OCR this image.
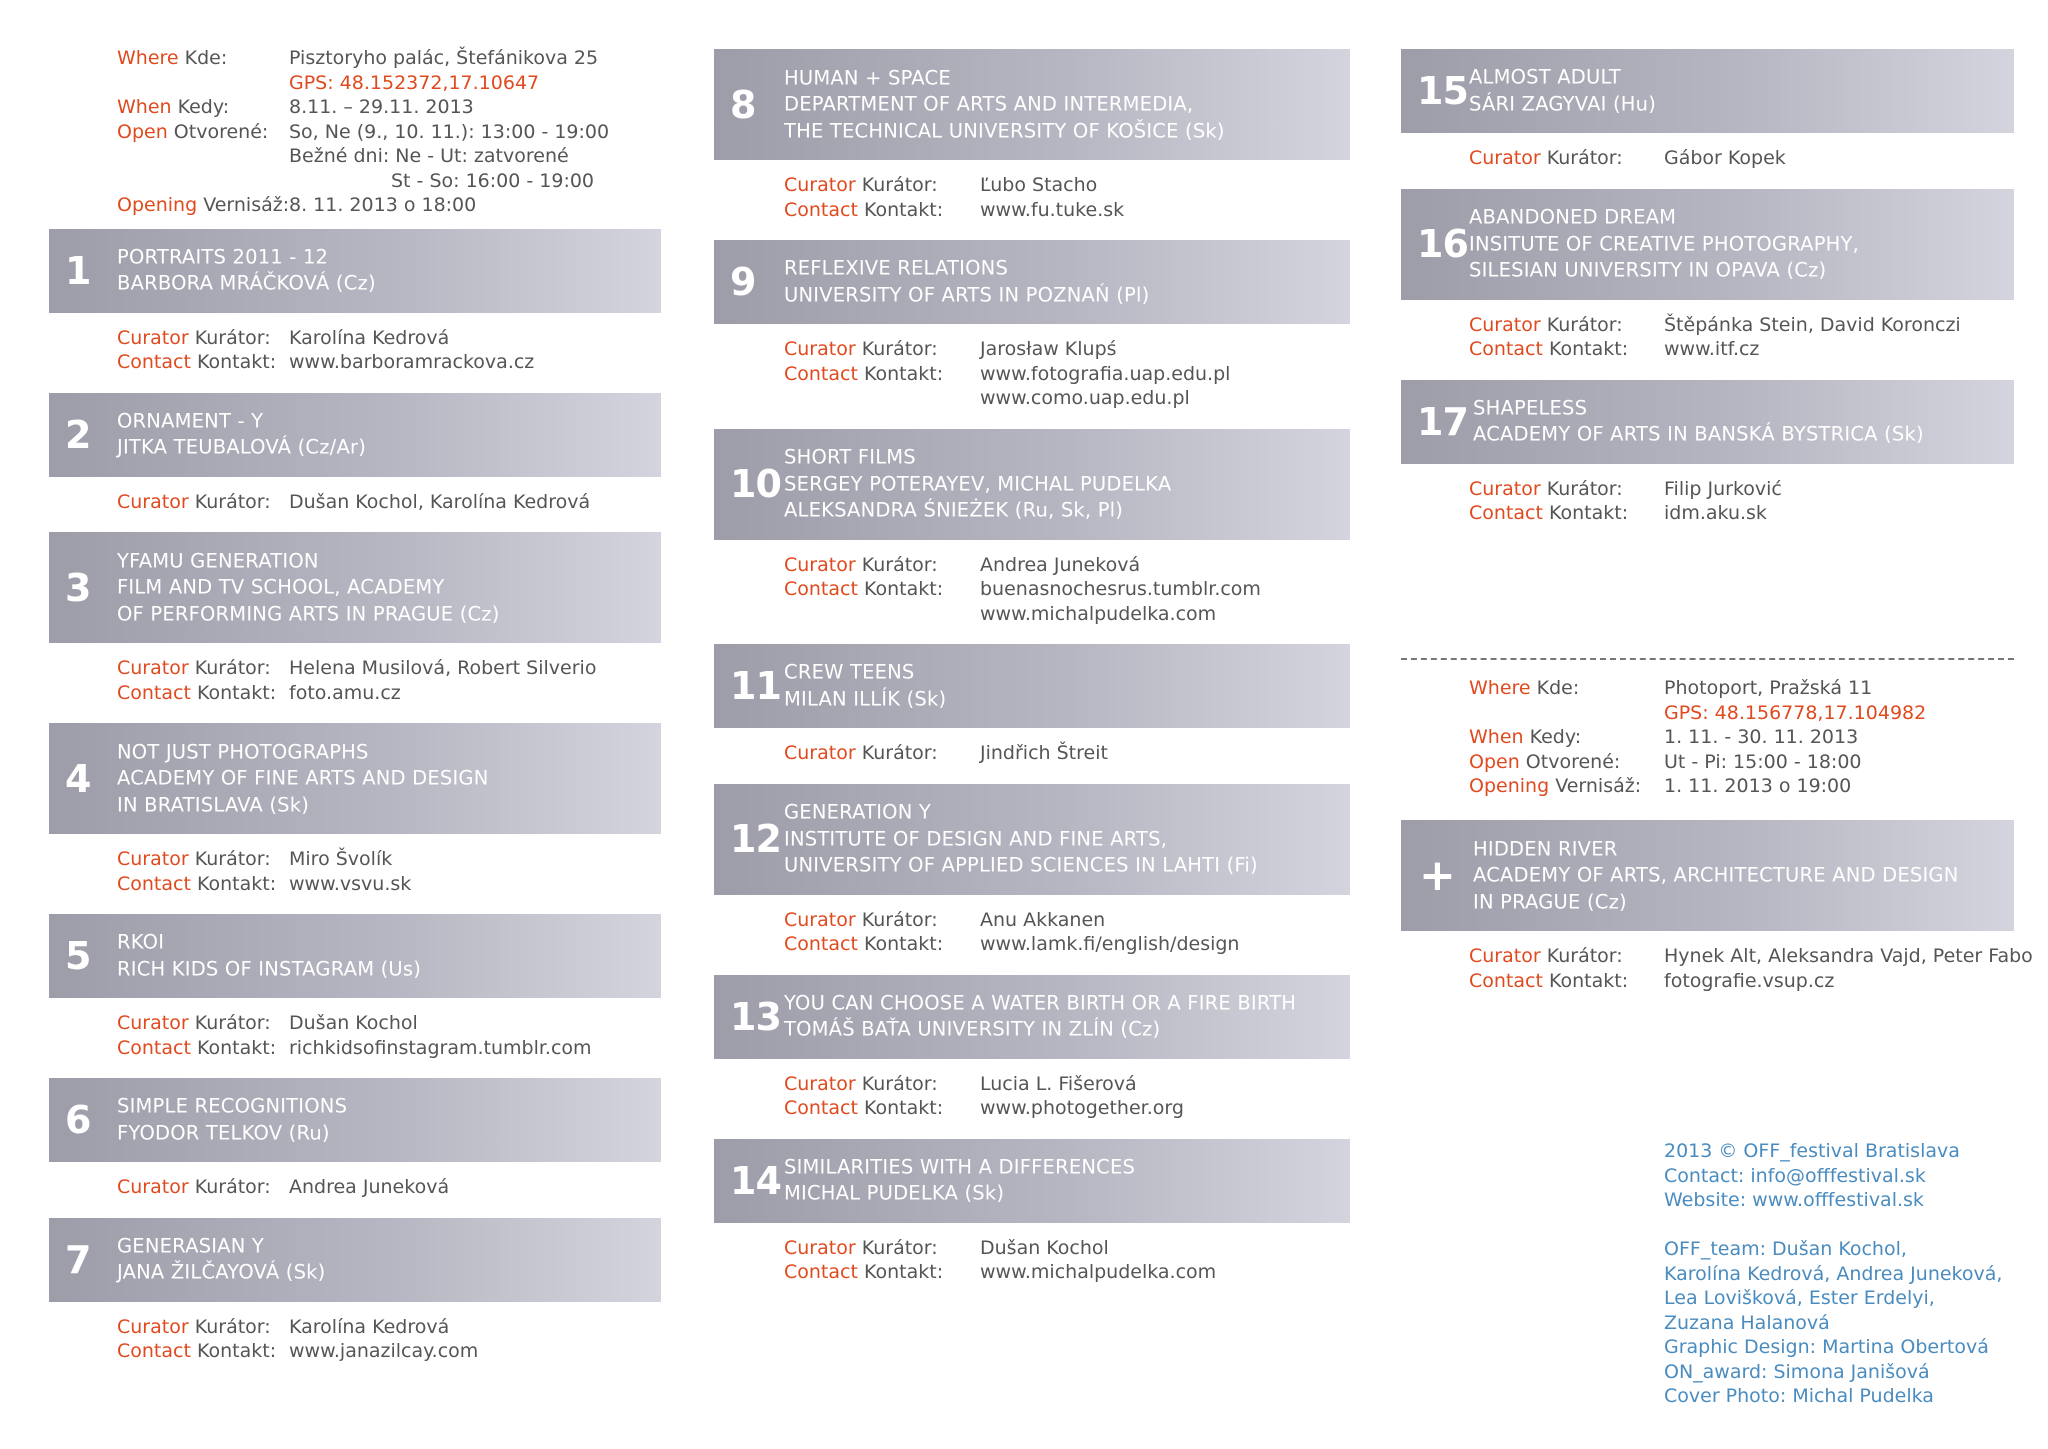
Where Kde:	Pisztoryho palác, Štefánikova 25
GPS: 48.152372,17.10647
When Kedy:	8.11. – 29.11. 2013
Open Otvorené:	So, Ne (9., 10. 11.): 13:00 - 19:00
Bežné dni: Ne - Ut: zatvorené
St - So: 16:00 - 19:00
Opening Vernisáž: 8. 11. 2013 o 18:00
1 PORTRAITS 2011 - 12
BARBORA MRÁČKOVÁ (Cz)
Curator Kurátor: Karolína Kedrová
Contact Kontakt: www.barboramrackova.cz
2 ORNAMENT - Y
JITKA TEUBALOVÁ (Cz/Ar)
Curator Kurátor: Dušan Kochol, Karolína Kedrová
3
YFAMU GENERATION
FILM AND TV SCHOOL, ACADEMY
OF PERFORMING ARTS IN PRAGUE (Cz)
Curator Kurátor: Helena Musilová, Robert Silverio
Contact Kontakt: foto.amu.cz
4
NOT JUST PHOTOGRAPHS
ACADEMY OF FINE ARTS AND DESIGN
IN BRATISLAVA (Sk)
Curator Kurátor: Miro Švolík
Contact Kontakt: www.vsvu.sk
5 RKOI
RICH KIDS OF INSTAGRAM (Us)
Curator Kurátor: Dušan Kochol
Contact Kontakt: richkidsofinstagram.tumblr.com
6 SIMPLE RECOGNITIONS
FYODOR TELKOV (Ru)
Curator Kurátor: Andrea Juneková
7 GENERASIAN Y
JANA ŽILČAYOVÁ (Sk)
Curator Kurátor: Karolína Kedrová
Contact Kontakt: www.janazilcay.com
8
HUMAN + SPACE
DEPARTMENT OF ARTS AND INTERMEDIA,
THE TECHNICAL UNIVERSITY OF KOŠICE (Sk)
Curator Kurátor:	Ľubo Stacho
Contact Kontakt:	www.fu.tuke.sk
9 REFLEXIVE RELATIONS
UNIVERSITY OF ARTS IN POZNAŃ (Pl)
Curator Kurátor:	Jarosław Klupś
Contact Kontakt:	www.fotografia.uap.edu.pl
www.como.uap.edu.pl
10
SHORT FILMS
SERGEY POTERAYEV, MICHAL PUDELKA
ALEKSANDRA ŚNIEŻEK (Ru, Sk, Pl)
Curator Kurátor:	Andrea Juneková
Contact Kontakt:	buenasnochesrus.tumblr.com
www.michalpudelka.com
11 CREW TEENS
MILAN ILLÍK (Sk)
Curator Kurátor:	Jindřich Štreit
12
GENERATION Y
INSTITUTE OF DESIGN AND FINE ARTS,
UNIVERSITY OF APPLIED SCIENCES IN LAHTI (Fi)
Curator Kurátor:	Anu Akkanen
Contact Kontakt:	www.lamk.fi/english/design
13 YOU CAN CHOOSE A WATER BIRTH OR A FIRE BIRTH
TOMÁŠ BAŤA UNIVERSITY IN ZLÍN (Cz)
Curator Kurátor:	Lucia L. Fišerová
Contact Kontakt:	www.photogether.org
14 SIMILARITIES WITH A DIFFERENCES
MICHAL PUDELKA (Sk)
Curator Kurátor:	Dušan Kochol
Contact Kontakt:	www.michalpudelka.com
15 ALMOST ADULT
SÁRI ZAGYVAI (Hu)
Curator Kurátor:	Gábor Kopek
16
ABANDONED DREAM
INSITUTE OF CREATIVE PHOTOGRAPHY,
SILESIAN UNIVERSITY IN OPAVA (Cz)
Curator Kurátor:	Štěpánka Stein, David Koronczi
Contact Kontakt:	www.itf.cz
17 SHAPELESS
ACADEMY OF ARTS IN BANSKÁ BYSTRICA (Sk)
Curator Kurátor:	Filip Jurković
Contact Kontakt:	idm.aku.sk
Where Kde:	Photoport, Pražská 11
GPS: 48.156778,17.104982
When Kedy:	1. 11. - 30. 11. 2013
Open Otvorené:	Ut - Pi: 15:00 - 18:00
Opening Vernisáž:	1. 11. 2013 o 19:00
+
HIDDEN RIVER
ACADEMY OF ARTS, ARCHITECTURE AND DESIGN
IN PRAGUE (Cz)
Curator Kurátor:	Hynek Alt, Aleksandra Vajd, Peter Fabo
Contact Kontakt:	fotografie.vsup.cz
2013 © OFF_festival Bratislava
Contact: info@offfestival.sk
Website: www.offfestival.sk
OFF_team: Dušan Kochol,
Karolína Kedrová, Andrea Juneková,
Lea Lovišková, Ester Erdelyi,
Zuzana Halanová
Graphic Design: Martina Obertová
ON_award: Simona Janišová
Cover Photo: Michal Pudelka
